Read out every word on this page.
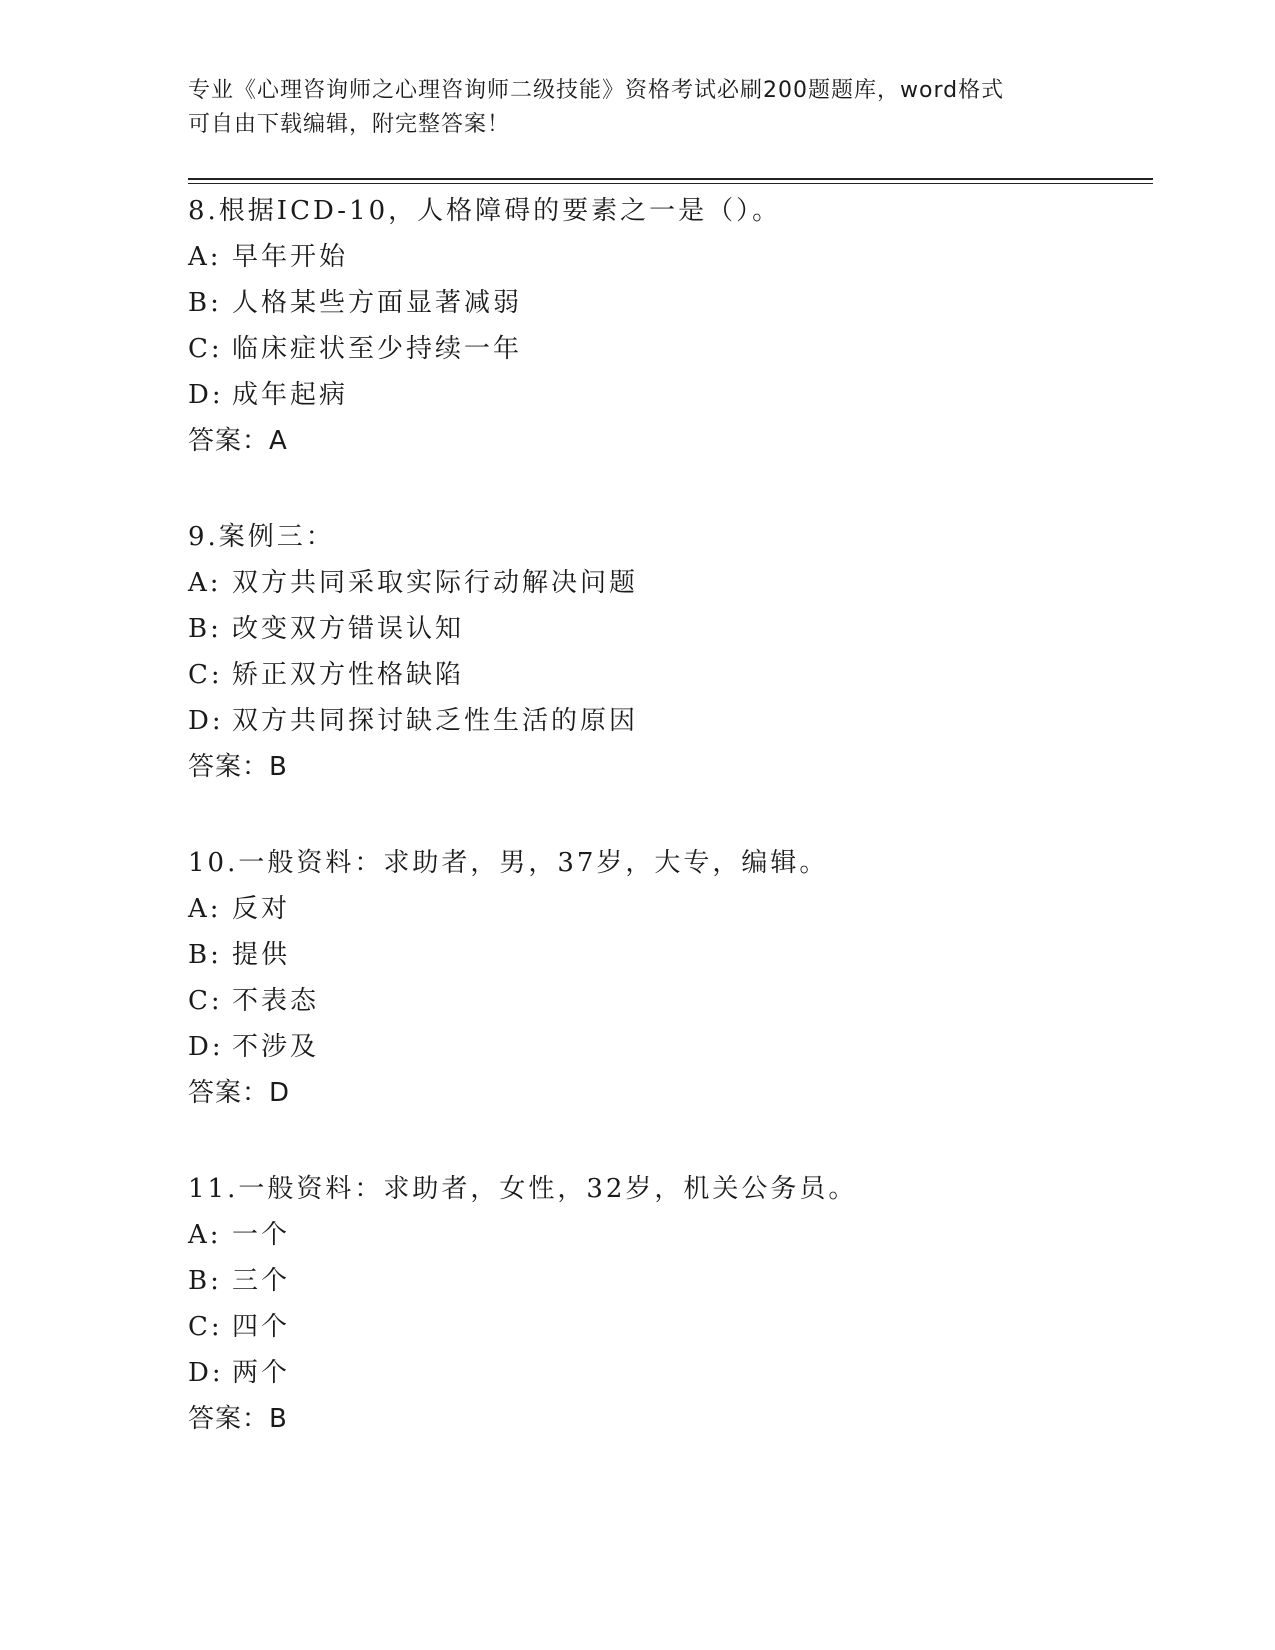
专业《心理咨询师之心理咨询师二级技能》资格考试必刷200题题库，word格式
可自由下载编辑，附完整答案！
8.根据ICD-10，人格障碍的要素之一是（）。
A: 早年开始
B: 人格某些方面显著减弱
C: 临床症状至少持续一年
D: 成年起病
答案：A
9.案例三：
A: 双方共同采取实际行动解决问题
B: 改变双方错误认知
C: 矫正双方性格缺陷
D: 双方共同探讨缺乏性生活的原因
答案：B
10.一般资料：求助者，男，37岁，大专，编辑。
A: 反对
B: 提供
C: 不表态
D: 不涉及
答案：D
11.一般资料：求助者，女性，32岁，机关公务员。
A: 一个
B: 三个
C: 四个
D: 两个
答案：B
